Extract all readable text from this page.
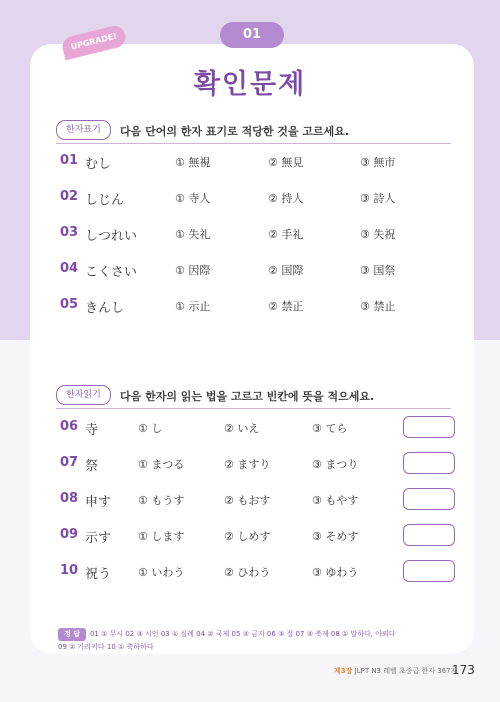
01
UPGRADE!
확인문제
한자표기	다음 단어의 한자 표기로 적당한 것을 고르세요.
01 むし	① 無視	② 無見	③ 無市
02 しじん	① 寺人	② 持人	③ 詩人
03 しつれい	① 失礼	② 手礼	③ 失祝
04 こくさい	① 因際	② 国際	③ 国祭
05 きんし	① 示止	② 禁正	③ 禁止
한자읽기	다음 한자의 읽는 법을 고르고 빈칸에 뜻을 적으세요.
06 寺	① し	② いえ	③ てら
07 祭	① まつる	② ますり	③ まつり
08 申す ① もうす	② もおす	③ もやす
09 示す ① します	② しめす	③ そめす
10 祝う ① いわう	② ひわう	③ ゆわう
정 답 01 ① 무시 02 ③ 시인 03 ① 실례 04 ② 국제 05 ③ 금지 06 ③ 절 07 ③ 축제 08 ① 말하다, 아뢰다
09 ② 가리키다 10 ① 축하하다
제3장 JLPT N3 레벨 초중급 한자 367자
173
